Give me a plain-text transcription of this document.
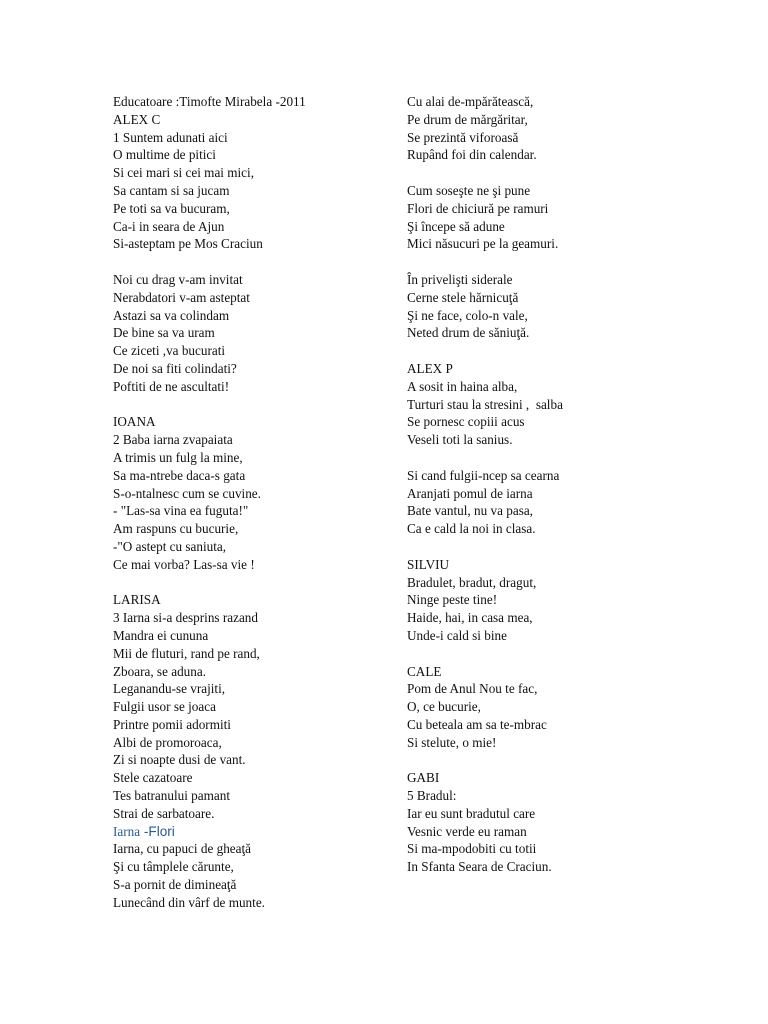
Educatoare :Timofte Mirabela -2011
ALEX C
1 Suntem adunati aici
O multime de pitici
Si cei mari si cei mai mici,
Sa cantam si sa jucam
Pe toti sa va bucuram,
Ca-i in seara de Ajun
Si-asteptam pe Mos Craciun
Noi cu drag v-am invitat
Nerabdatori v-am asteptat
Astazi sa va colindam
De bine sa va uram
Ce ziceti ,va bucurati
De noi sa fiti colindati?
Poftiti de ne ascultati!
IOANA
2 Baba iarna zvapaiata
A trimis un fulg la mine,
Sa ma-ntrebe daca-s gata
S-o-ntalnesc cum se cuvine.
- "Las-sa vina ea fuguta!"
Am raspuns cu bucurie,
-"O astept cu saniuta,
Ce mai vorba? Las-sa vie !
LARISA
3 Iarna si-a desprins razand
Mandra ei cununa
Mii de fluturi, rand pe rand,
Zboara, se aduna.
Leganandu-se vrajiti,
Fulgii usor se joaca
Printre pomii adormiti
Albi de promoroaca,
Zi si noapte dusi de vant.
Stele cazatoare
Tes batranului pamant
Strai de sarbatoare.
Iarna -Flori
Iarna, cu papuci de gheaţă
Şi cu tâmplele cărunte,
S-a pornit de dimineaţă
Lunecând din vârf de munte.
Cu alai de-mpărătească,
Pe drum de mărgăritar,
Se prezintă viforoasă
Rupând foi din calendar.
Cum soseşte ne şi pune
Flori de chiciură pe ramuri
Şi începe să adune
Mici năsucuri pe la geamuri.
În privelişti siderale
Cerne stele hărnicuţă
Şi ne face, colo-n vale,
Neted drum de săniuţă.
ALEX P
A sosit in haina alba,
Turturi stau la stresini ,  salba
Se pornesc copiii acus
Veseli toti la sanius.
Si cand fulgii-ncep sa cearna
Aranjati pomul de iarna
Bate vantul, nu va pasa,
Ca e cald la noi in clasa.
SILVIU
Bradulet, bradut, dragut,
Ninge peste tine!
Haide, hai, in casa mea,
Unde-i cald si bine
CALE
Pom de Anul Nou te fac,
O, ce bucurie,
Cu beteala am sa te-mbrac
Si stelute, o mie!
GABI
5 Bradul:
Iar eu sunt bradutul care
Vesnic verde eu raman
Si ma-mpodobiti cu totii
In Sfanta Seara de Craciun.
